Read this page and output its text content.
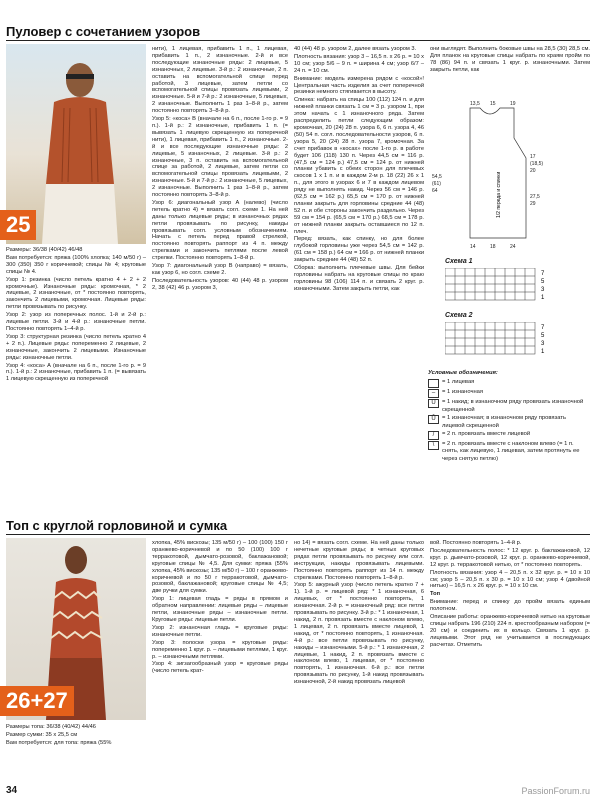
Пуловер с сочетанием узоров
25

Размеры: 36/38 (40/42) 46/48

Вам потребуется: пряжа (100% хлопка; 140 м/50 г) – 300 (350) 350 г коричневой; спицы № 4; круговые спицы № 4.

Узор 1: резинка (число петель кратно 4 + 2 + 2 кромочные). Изнаночные ряды: кромочная, * 2 лицевые, 2 изнаночные, от * постоянно повторять, закончить 2 лицевыми, кромочная. Лицевые ряды: петли провязывать по рисунку.

Узор 2: узор из поперечных полос. 1-й и 2-й р.: лицевые петли. 3-й и 4-й р.: изнаночные петли. Постоянно повторять 1–4-й р.

Узор 3: структурная резинка (число петель кратно 4 + 2 п.). Лицевые ряды: попеременно 2 лицевые, 2 изнаночные, закончить 2 лицевыми. Изнаночные ряды: изнаночные петли.

Узор 4: «коса» А (вначале на 6 п., после 1-го р. = 9 п.). 1-й р.: 2 изнаночные, прибавить 1 п. (= вывязать 1 лицевую скрещенную из поперечной

нити), 1 лицевая, прибавить 1 п., 1 лицевая, прибавить 1 п., 2 изнаночные. 2-й и все последующие изнаночные ряды: 2 лицевые, 5 изнаночных, 2 лицевые. 3-й р.: 2 изнаночные, 2 п. оставить на вспомогательной спице перед работой, 3 лицевые, затем петли со вспомогательной спицы провязать лицевыми, 2 изнаночные. 5-й и 7-й р.: 2 изнаночные, 5 лицевых, 2 изнаночные. Выполнить 1 раз 1–8-й р., затем постоянно повторять 3–8-й р.

Узор 5: «коса» В (вначале на 6 п., после 1-го р. = 9 п.). 1-й р.: 2 изнаночные, прибавить 1 п. (= вывязать 1 лицевую скрещенную из поперечной нити), 1 лицевая, прибавить 1 п., 2 изнаночные. 2-й и все последующие изнаночные ряды: 2 лицевые, 5 изнаночных, 2 лицевые. 3-й р.: 2 изнаночные, 3 п. оставить на вспомогательной спице за работой, 2 лицевые, затем петли со вспомогательной спицы провязать лицевыми, 2 изнаночные. 5-й и 7-й р.: 2 изнаночные, 5 лицевых, 2 изнаночные. Выполнить 1 раз 1–8-й р., затем постоянно повторять 3–8-й р.

Узор 6: диагональный узор А (налево) (число петель кратно 4) = вязать согл. схеме 1. На ней даны только лицевые ряды; в изнаночных рядах петли провязывать по рисунку, накиды провязывать согл. условным обозначениям. Начать с петель перед правой стрелкой, постоянно повторять раппорт из 4 п. между стрелками и закончить петлями после левой стрелки. Постоянно повторять 1–8-й р.

Узор 7: диагональный узор В (направо) = вязать, как узор 6, но согл. схеме 2.

Последовательность узоров: 40 (44) 48 р. узором 2, 38 (42) 46 р. узором 3,

40 (44) 48 р. узором 2, далее вязать узором 3.

Плотность вязания: узор 3 – 16,5 п. х 26 р. = 10 х 10 см; узор 5/6 – 9 п. = ширина 4 см; узор 6/7 – 24 п. = 10 см.

Внимание: модель измерена рядом с «косой»! Центральная часть изделия за счет поперечной резинки немного стягивается в высоту.

Спинка: набрать на спицы 100 (112) 124 п. и для нижней планки связать 1 см = 3 р. узором 1, при этом начать с 1 изнаночного ряда. Затем распределить петли следующим образом: кромочная, 20 (24) 28 п. узора 6, 6 п. узора 4, 46 (50) 54 п. согл. последовательности узоров, 6 п. узора 5, 20 (24) 28 п. узора 7, кромочная. За счет прибавок в «косах» после 1-го р. в работе будет 106 (118) 130 п. Через 44,5 см = 116 р. (47,5 см = 124 р.) 47,5 см = 124 р. от нижней планки убавить с обеих сторон для плечевых скосов 1 х 1 п. и в каждом 2-м р. 18 (22) 26 х 1 п., для этого в узорах 6 и 7 в каждом лицевом ряду не выполнять накид. Через 56 см = 146 р. (62,5 см = 162 р.) 65,5 см = 170 р. от нижней планки закрыть для горловины средние 44 (48) 52 п. и обе стороны закончить раздельно. Через 59 см = 154 р. (65,5 см = 170 р.) 68,5 см = 178 р. от нижней планки закрыть оставшиеся по 12 п. плеч.

Перед: вязать, как спинку, но для более глубокой горловины уже через 54,5 см = 142 р. (61 см = 158 р.) 64 см = 166 р. от нижней планки закрыть средние 44 (48) 52 п.

Сборка: выполнить плечевые швы. Для бейки горловины набрать на круговые спицы по краю горловины 98 (106) 114 п. и связать 2 круг. р. изнаночными. Затем закрыть петли, как

они выглядят. Выполнить боковые швы на 28,5 (30) 28,5 см. Для планок на круговые спицы набрать по краям пройм по 78 (86) 94 п. и связать 1 круг. р. изнаночными. Затем закрыть петли, как

13,5 15	19
54,5
(61)
64
17
(18,5)
20
27,5
29
14	18	24
1/2 переда и спинки
Схема 1
7
5
3
1
Схема 2
7
5
3
1
Условные обозначения:
= 1 лицевая
–	= 1 изнаночная
U	= 1 накид; в изнаночном ряду провязать изнаночной скрещенной
Ū	= 1 изнаночная; в изнаночном ряду провязать лицевой скрещенной
/	= 2 п. провязать вместе лицевой
\	= 2 п. провязать вместе с наклоном влево (= 1 п. снять, как лицевую, 1 лицевая, затем протянуть ее через снятую петлю)
Топ с круглой горловиной и сумка
26+27

Размеры топа: 36/38 (40/42) 44/46

Размер сумки: 35 х 25,5 см

Вам потребуется: для топа: пряжа (55%

хлопка, 45% вискозы; 135 м/50 г) – 100 (100) 150 г оранжево-коричневой и по 50 (100) 100 г терракотовой, дымчато-розовой, баклажановой; круговые спицы № 4,5. Для сумки: пряжа (55% хлопка, 45% вискозы; 135 м/50 г) – 100 г оранжево-коричневой и по 50 г терракотовой, дымчато-розовой, баклажановой; круговые спицы № 4,5; две ручки для сумки.

Узор 1: лицевая гладь = ряды в прямом и обратном направлении: лицевые ряды – лицевые петли, изнаночные ряды – изнаночные петли. Круговые ряды: лицевые петли.

Узор 2: изнаночная гладь = круговые ряды: изнаночные петли.

Узор 3: полоски узора = круговые ряды: попеременно 1 круг. р. – лицевыми петлями, 1 круг. р. – изнаночными петлями.

Узор 4: зигзагообразный узор = круговые ряды (число петель крат-

но 14) = вязать согл. схеме. На ней даны только нечетные круговые ряды; в четных круговых рядах петли провязывать по рисунку или согл. инструкции, накиды провязывать лицевыми. Постоянно повторять раппорт из 14 п. между стрелками. Постоянно повторять 1–8-й р.

Узор 5: ажурный узор (число петель кратно 7 + 1). 1-й р. = лицевой ряд: * 1 изнаночная, 6 лицевых, от * постоянно повторять, 1 изнаночная. 2-й р. = изнаночный ряд: все петли провязывать по рисунку. 3-й р.: * 1 изнаночная, 1 накид, 2 п. провязать вместе с наклоном влево, 1 лицевая, 2 п. провязать вместе лицевой, 1 накид, от * постоянно повторять, 1 изнаночная. 4-й р.: все петли провязывать по рисунку, накиды – изнаночными. 5-й р.: * 1 изнаночная, 2 лицевые, 1 накид, 2 п. провязать вместе с наклоном влево, 1 лицевая, от * постоянно повторять, 1 изнаночная. 6-й р.: все петли провязывать по рисунку, 1-й накид провязывать изнаночной, 2-й накид провязать лицевой

вой. Постоянно повторять 1–4-й р.

Последовательность полос: * 12 круг. р. баклажановой, 12 круг. р. дымчато-розовой, 12 круг. р. оранжево-коричневой, 12 круг. р. терракотовой нитью, от * постоянно повторять.

Плотность вязания: узор 4 – 20,5 п. х 32 круг. р. = 10 х 10 см; узор 5 – 20,5 п. х 30 р. = 10 х 10 см; узор 4 (двойной нитью) – 16,5 п. х 26 круг. р. = 10 х 10 см.

Топ

Внимание: перед и спинку до пройм вязать единым полотном.

Описание работы: оранжево-коричневой нитью на круговые спицы набрать 196 (210) 224 п. крестообразным набором (= 20 см) и соединить их в кольцо. Связать 1 круг. р. лицевыми. Этот ряд не учитывается в последующих расчетах. Отметить

34	PassionForum.ru
